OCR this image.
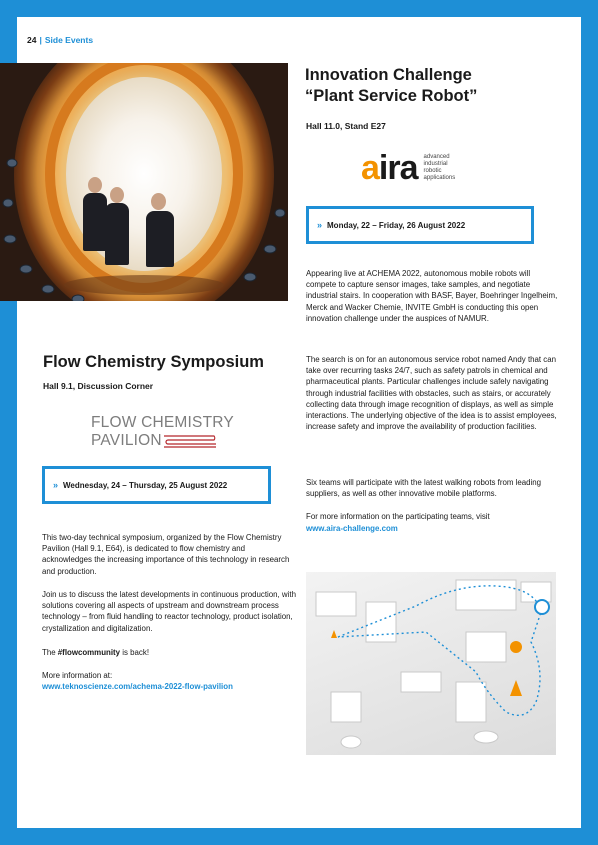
24 | Side Events
Flow Chemistry Symposium
Hall 9.1, Discussion Corner
FLOW CHEMISTRY
PAVILION
» Wednesday, 24 – Thursday, 25 August 2022
This two-day technical symposium, organized by the Flow Chemistry Pavilion (Hall 9.1, E64), is dedicated to flow chemistry and acknowledges the increasing importance of this technology in research and production.
Join us to discuss the latest developments in continuous production, with solutions covering all aspects of upstream and downstream process technology – from fluid handling to reactor technology, product isolation, crystallization and digitalization.
The #flowcommunity is back!
More information at:
www.teknoscienze.com/achema-2022-flow-pavilion
Innovation Challenge
“Plant Service Robot”
Hall 11.0, Stand E27
aira advanced
industrial
robotic
applications
» Monday, 22 – Friday, 26 August 2022
Appearing live at ACHEMA 2022, autonomous mobile robots will compete to capture sensor images, take samples, and negotiate industrial stairs. In cooperation with BASF, Bayer, Boehringer Ingelheim, Merck and Wacker Chemie, INVITE GmbH is conducting this open innovation challenge under the auspices of NAMUR.
The search is on for an autonomous service robot named Andy that can take over recurring tasks 24/7, such as safety patrols in chemical and pharmaceutical plants. Particular challenges include safely navigating through industrial facilities with obstacles, such as stairs, or accurately collecting data through image recognition of displays, as well as simple interactions. The underlying objective of the idea is to assist employees, increase safety and improve the availability of production facilities.
Six teams will participate with the latest walking robots from leading suppliers, as well as other innovative mobile platforms.
For more information on the participating teams, visit
www.aira-challenge.com
